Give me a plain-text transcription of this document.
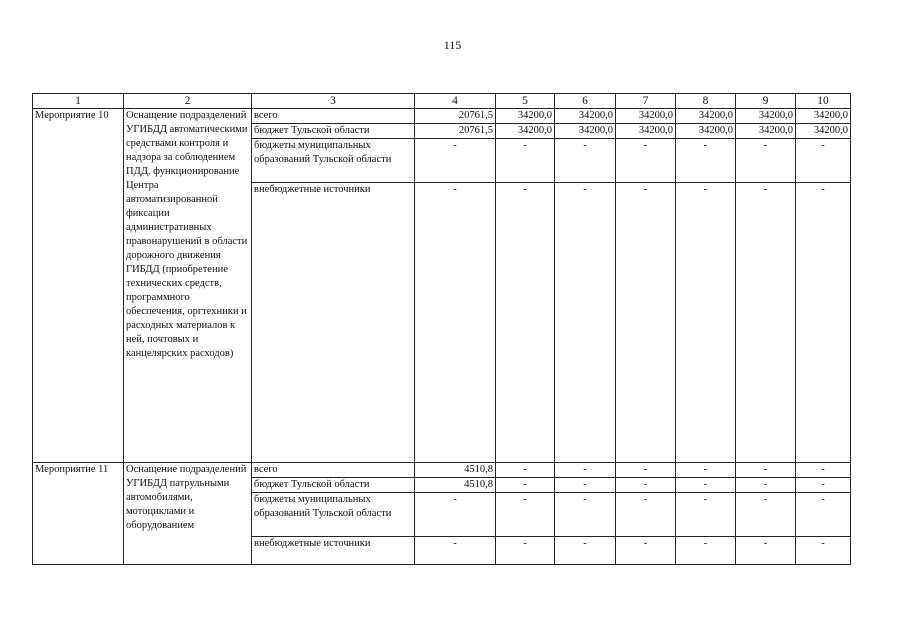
115
1	2	3	4	5	6	7	8	9	10
Мероприятие 10	Оснащение подразделений УГИБДД автоматическими средствами контроля и надзора за соблюдением ПДД, функционирование Центра автоматизированной фиксации административных правонарушений в области дорожного движения ГИБДД (приобретение технических средств, программного обеспечения, оргтехники и расходных материалов к ней, почтовых и канцелярских расходов)	всего	20761,5	34200,0	34200,0	34200,0	34200,0	34200,0	34200,0
		бюджет Тульской области	20761,5	34200,0	34200,0	34200,0	34200,0	34200,0	34200,0
		бюджеты муниципальных образований Тульской области	-	-	-	-	-	-	-
		внебюджетные источники	-	-	-	-	-	-	-
Мероприятие 11	Оснащение подразделений УГИБДД патрульными автомобилями, мотоциклами и оборудованием	всего	4510,8	-	-	-	-	-	-
		бюджет Тульской области	4510,8	-	-	-	-	-	-
		бюджеты муниципальных образований Тульской области	-	-	-	-	-	-	-
		внебюджетные источники	-	-	-	-	-	-	-
